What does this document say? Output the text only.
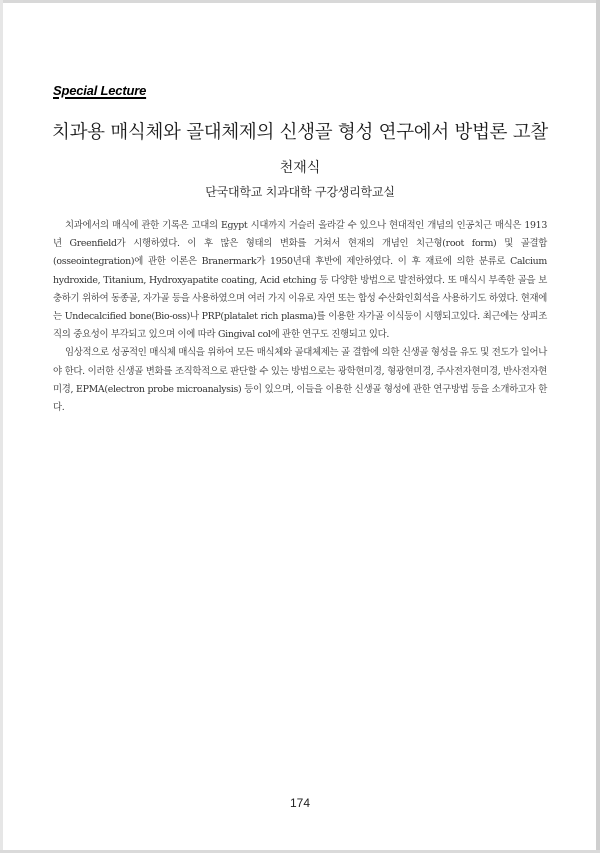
Special Lecture
치과용 매식체와 골대체제의 신생골 형성 연구에서 방법론 고찰
천재식
단국대학교 치과대학 구강생리학교실

치과에서의 매식에 관한 기록은 고대의 Egypt 시대까지 거슬러 올라갈 수 있으나 현대적인 개념의 인공치근 매식은 1913년 Greenfield가 시행하였다. 이 후 많은 형태의 변화를 거쳐서 현재의 개념인 치근형(root form) 및 골결합(osseointegration)에 관한 이론은 Branermark가 1950년대 후반에 제안하였다. 이 후 재료에 의한 분류로 Calcium hydroxide, Titanium, Hydroxyapatite coating, Acid etching 등 다양한 방법으로 발전하였다. 또 매식시 부족한 골을 보충하기 위하여 동종골, 자가골 등을 사용하였으며 여러 가지 이유로 자연 또는 합성 수산화인회석을 사용하기도 하였다. 현재에는 Undecalcified bone(Bio-oss)나 PRP(platalet rich plasma)를 이용한 자가골 이식등이 시행되고있다. 최근에는 상피조직의 중요성이 부각되고 있으며 이에 따라 Gingival col에 관한 연구도 진행되고 있다.

임상적으로 성공적인 매식체 매식을 위하여 모든 매식체와 골대체제는 골 결합에 의한 신생골 형성을 유도 및 전도가 일어나야 한다. 이러한 신생골 변화를 조직학적으로 판단할 수 있는 방법으로는 광학현미경, 형광현미경, 주사전자현미경, 반사전자현미경, EPMA(electron probe microanalysis) 등이 있으며, 이들을 이용한 신생골 형성에 관한 연구방법 등을 소개하고자 한다.

174
